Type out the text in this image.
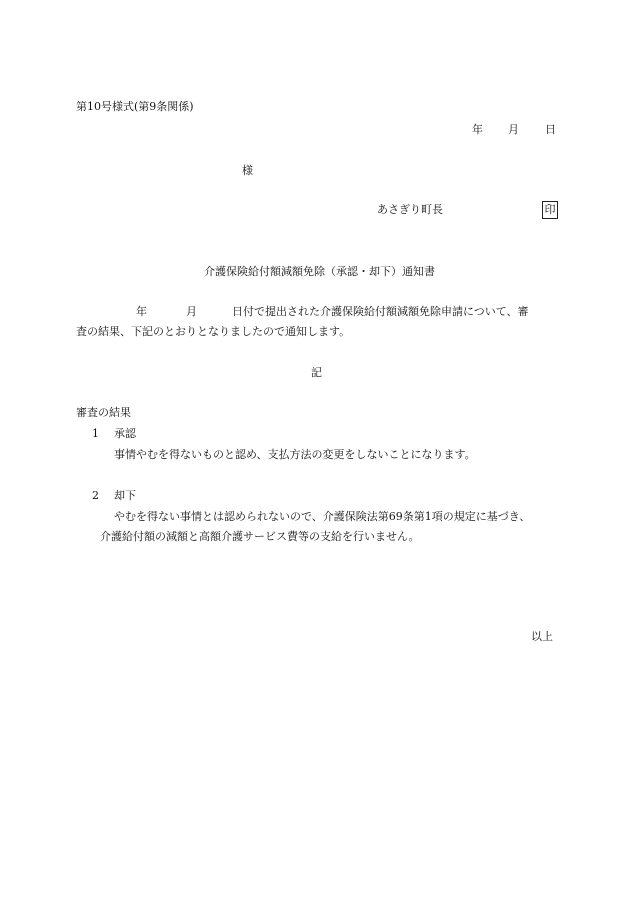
第10号様式(第9条関係)
年 月 日
様
あさぎり町長	印
介護保険給付額減額免除（承認・却下）通知書
年	月	日付で提出された介護保険給付額減額免除申請について、審
査の結果、下記のとおりとなりましたので通知します。
記
審査の結果
1 承認
事情やむを得ないものと認め、支払方法の変更をしないことになります。
2 却下
やむを得ない事情とは認められないので、介護保険法第69条第1項の規定に基づき、
介護給付額の減額と高額介護サービス費等の支給を行いません。
以上
